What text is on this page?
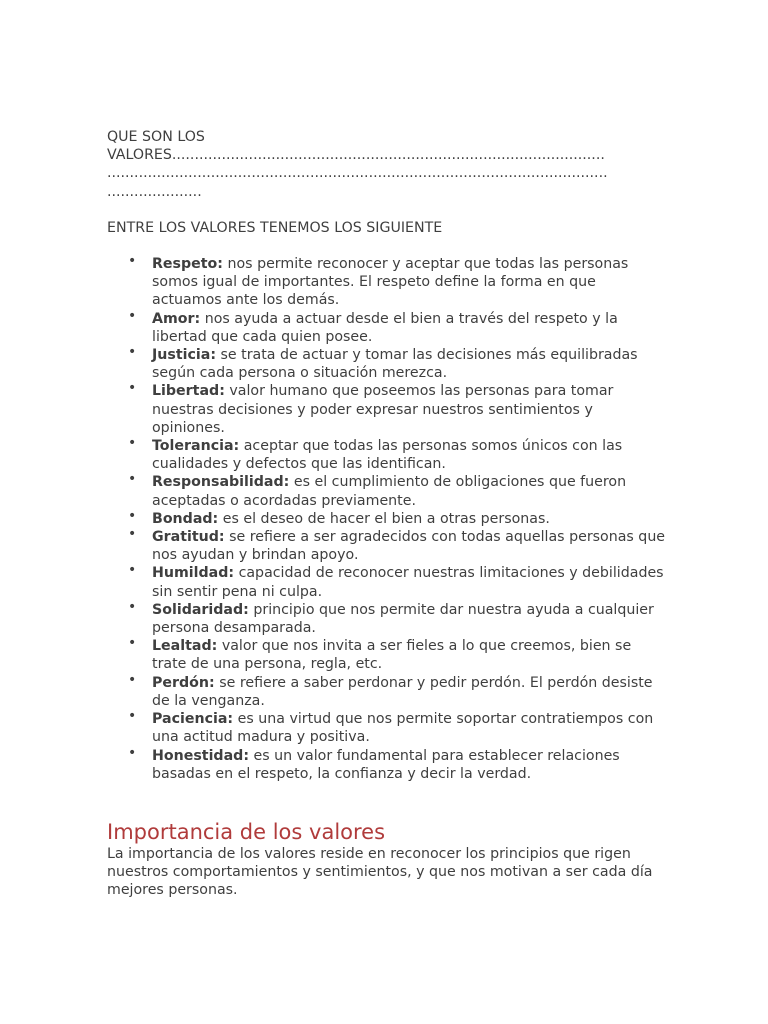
QUE SON LOS

VALORES................................................................................................

...............................................................................................................

.....................

ENTRE LOS VALORES TENEMOS LOS SIGUIENTE

• Respeto: nos permite reconocer y aceptar que todas las personas somos igual de importantes. El respeto define la forma en que actuamos ante los demás.
• Amor: nos ayuda a actuar desde el bien a través del respeto y la libertad que cada quien posee.
• Justicia: se trata de actuar y tomar las decisiones más equilibradas según cada persona o situación merezca.
• Libertad: valor humano que poseemos las personas para tomar nuestras decisiones y poder expresar nuestros sentimientos y opiniones.
• Tolerancia: aceptar que todas las personas somos únicos con las cualidades y defectos que las identifican.
• Responsabilidad: es el cumplimiento de obligaciones que fueron aceptadas o acordadas previamente.
• Bondad: es el deseo de hacer el bien a otras personas.
• Gratitud: se refiere a ser agradecidos con todas aquellas personas que nos ayudan y brindan apoyo.
• Humildad: capacidad de reconocer nuestras limitaciones y debilidades sin sentir pena ni culpa.
• Solidaridad: principio que nos permite dar nuestra ayuda a cualquier persona desamparada.
• Lealtad: valor que nos invita a ser fieles a lo que creemos, bien se trate de una persona, regla, etc.
• Perdón: se refiere a saber perdonar y pedir perdón. El perdón desiste de la venganza.
• Paciencia: es una virtud que nos permite soportar contratiempos con una actitud madura y positiva.
• Honestidad: es un valor fundamental para establecer relaciones basadas en el respeto, la confianza y decir la verdad.
Importancia de los valores

La importancia de los valores reside en reconocer los principios que rigen nuestros comportamientos y sentimientos, y que nos motivan a ser cada día mejores personas.
